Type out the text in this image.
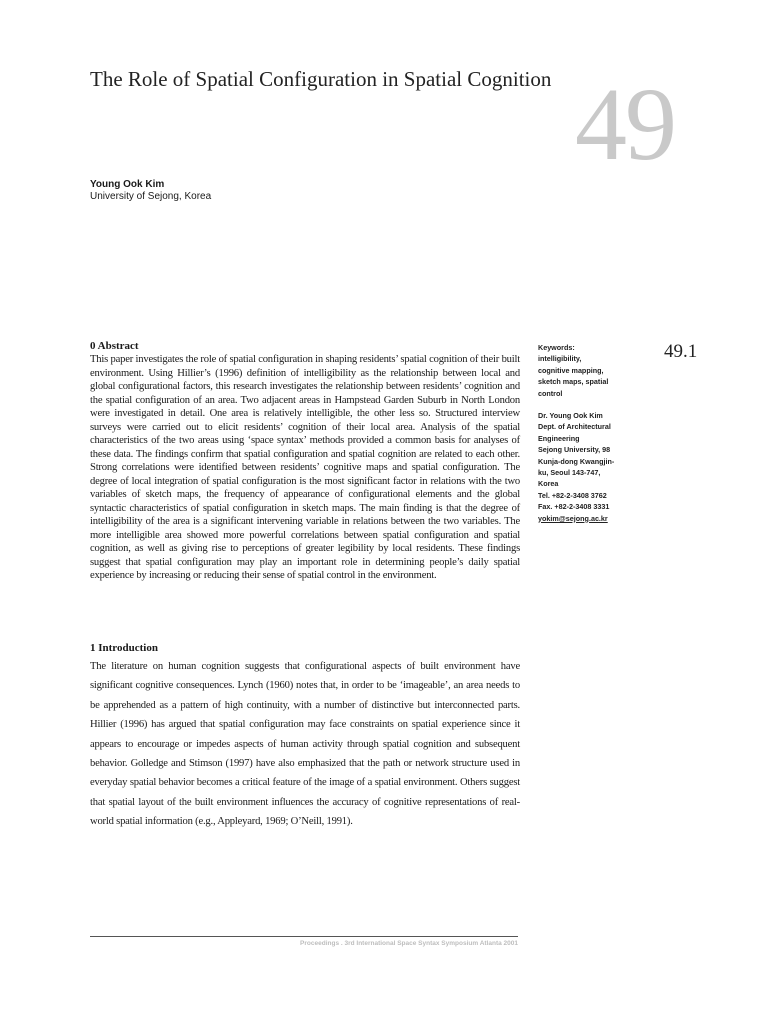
The Role of Spatial Configuration in Spatial Cognition 49
Young Ook Kim
University of Sejong, Korea
0 Abstract
This paper investigates the role of spatial configuration in shaping residents’ spatial cognition of their built environment. Using Hillier’s (1996) definition of intelligibility as the relationship between local and global configurational factors, this research investigates the relationship between residents’ cognition and the spatial configuration of an area. Two adjacent areas in Hampstead Garden Suburb in North London were investigated in detail. One area is relatively intelligible, the other less so. Structured interview surveys were carried out to elicit residents’ cognition of their local area. Analysis of the spatial characteristics of the two areas using ‘space syntax’ methods provided a common basis for analyses of these data. The findings confirm that spatial configuration and spatial cognition are related to each other. Strong correlations were identified between residents’ cognitive maps and spatial configuration. The degree of local integration of spatial configuration is the most significant factor in relations with the two variables of sketch maps, the frequency of appearance of configurational elements and the global syntactic characteristics of spatial configuration in sketch maps. The main finding is that the degree of intelligibility of the area is a significant intervening variable in relations between the two variables. The more intelligible area showed more powerful correlations between spatial configuration and spatial cognition, as well as giving rise to perceptions of greater legibility by local residents. These findings suggest that spatial configuration may play an important role in determining people’s daily spatial experience by increasing or reducing their sense of spatial control in the environment.
1 Introduction
The literature on human cognition suggests that configurational aspects of built environment have significant cognitive consequences. Lynch (1960) notes that, in order to be ‘imageable’, an area needs to be apprehended as a pattern of high continuity, with a number of distinctive but interconnected parts. Hillier (1996) has argued that spatial configuration may face constraints on spatial experience since it appears to encourage or impedes aspects of human activity through spatial cognition and subsequent behavior. Golledge and Stimson (1997) have also emphasized that the path or network structure used in everyday spatial behavior becomes a critical feature of the image of a spatial environment. Others suggest that spatial layout of the built environment influences the accuracy of cognitive representations of real-world spatial information (e.g., Appleyard, 1969; O’Neill, 1991).
Keywords:
intelligibility,
cognitive mapping,
sketch maps, spatial
control
Dr. Young Ook Kim
Dept. of Architectural
Engineering
Sejong University, 98
Kunja-dong Kwangjin-
ku, Seoul 143-747,
Korea
Tel. +82-2-3408 3762
Fax. +82-2-3408 3331
yokim@sejong.ac.kr
49.1
Proceedings . 3rd International Space Syntax Symposium Atlanta 2001
